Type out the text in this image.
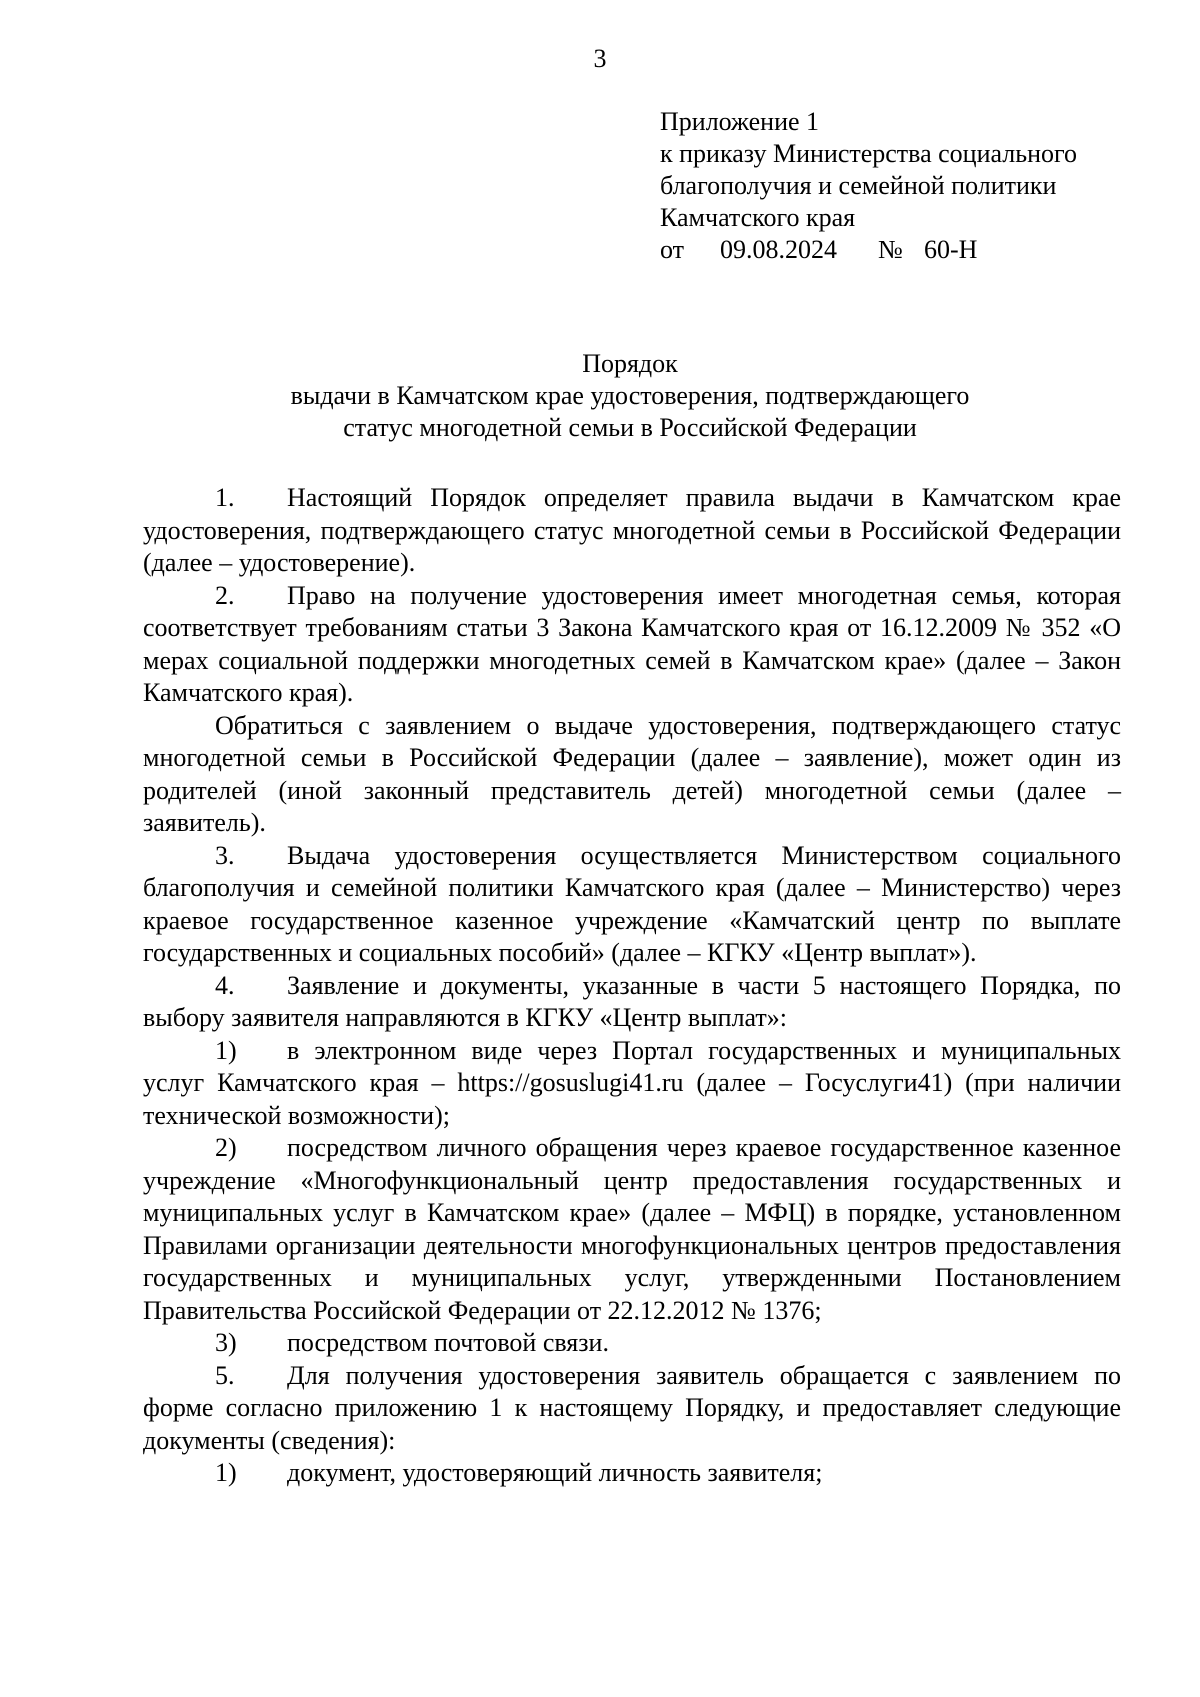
3
Приложение 1
к приказу Министерства социального
благополучия и семейной политики
Камчатского края
от 09.08.2024 № 60-Н
Порядок
выдачи в Камчатском крае удостоверения, подтверждающего
статус многодетной семьи в Российской Федерации

1. Настоящий Порядок определяет правила выдачи в Камчатском крае удостоверения, подтверждающего статус многодетной семьи в Российской Федерации (далее – удостоверение).

2. Право на получение удостоверения имеет многодетная семья, которая соответствует требованиям статьи 3 Закона Камчатского края от 16.12.2009 № 352 «О мерах социальной поддержки многодетных семей в Камчатском крае» (далее – Закон Камчатского края).

Обратиться с заявлением о выдаче удостоверения, подтверждающего статус многодетной семьи в Российской Федерации (далее – заявление), может один из родителей (иной законный представитель детей) многодетной семьи (далее – заявитель).

3. Выдача удостоверения осуществляется Министерством социального благополучия и семейной политики Камчатского края (далее – Министерство) через краевое государственное казенное учреждение «Камчатский центр по выплате государственных и социальных пособий» (далее – КГКУ «Центр выплат»).

4. Заявление и документы, указанные в части 5 настоящего Порядка, по выбору заявителя направляются в КГКУ «Центр выплат»:

1) в электронном виде через Портал государственных и муниципальных услуг Камчатского края – https://gosuslugi41.ru (далее – Госуслуги41) (при наличии технической возможности);

2) посредством личного обращения через краевое государственное казенное учреждение «Многофункциональный центр предоставления государственных и муниципальных услуг в Камчатском крае» (далее – МФЦ) в порядке, установленном Правилами организации деятельности многофункциональных центров предоставления государственных и муниципальных услуг, утвержденными Постановлением Правительства Российской Федерации от 22.12.2012 № 1376;

3) посредством почтовой связи.

5. Для получения удостоверения заявитель обращается с заявлением по форме согласно приложению 1 к настоящему Порядку, и предоставляет следующие документы (сведения):

1) документ, удостоверяющий личность заявителя;
